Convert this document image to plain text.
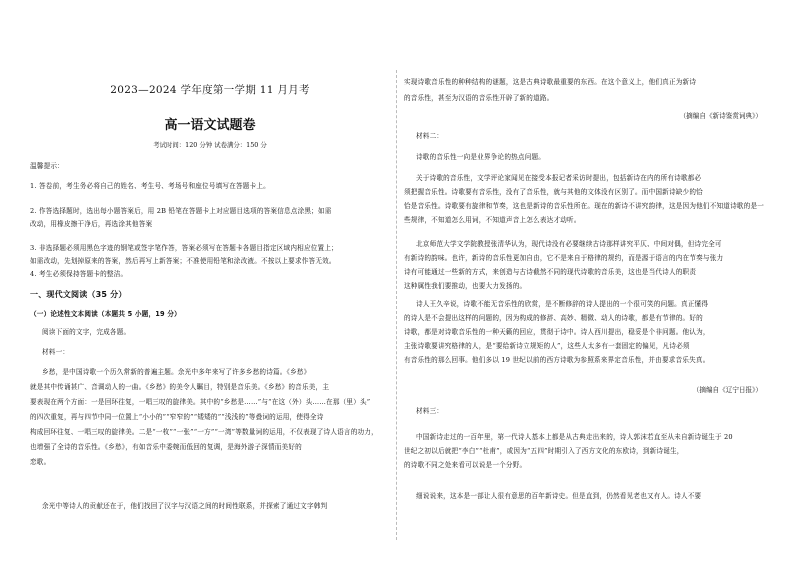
2023—2024 学年度第一学期 11 月月考
高一语文试题卷
考试时间：120 分钟 试卷满分：150 分

温馨提示：

1. 答卷前，考生务必将自己的姓名、考生号、考场号和座位号填写在答题卡上。

2. 作答选择题时，选出每小题答案后，用 2B 铅笔在答题卡上对应题目选项的答案信息点涂黑；如需

改动，用橡皮擦干净后，再选涂其他答案

3. 非选择题必须用黑色字迹的钢笔或签字笔作答，答案必须写在答题卡各题目指定区域内相应位置上；

如需改动，先划掉原来的答案，然后再写上新答案；不准使用铅笔和涂改液。不按以上要求作答无效。

4. 考生必须保持答题卡的整洁。

一、现代文阅读（35 分）

（一）论述性文本阅读（本题共 5 小题，19 分）

阅读下面的文字，完成各题。

材料一：

乡愁，是中国诗歌一个历久常新的普遍主题。余光中多年来写了许多乡愁的诗篇。《乡愁》

就是其中传诵甚广、音调动人的一曲。《乡愁》的美令人瞩目，特别是音乐美。《乡愁》的音乐美，主

要表现在两个方面：一是回环往复，一唱三叹的旋律美。其中的“乡愁是……”与“在这（外）头……在那（里）头”

的四次重复，再与四节中同一位置上“小小的”“窄窄的”“矮矮的”“浅浅的”等叠词的运用，使得全诗

构成回环往复、一唱三叹的旋律美。二是“一枚”“一张”“一方”“一湾”等数量词的运用，不仅表现了诗人语言的功力，

也增强了全诗的音乐性。《乡愁》，有如音乐中委婉而低回的复调，是海外游子深情而美好的

恋歌。

余光中等诗人的贡献还在于，他们找回了汉字与汉语之间的时间性联系，并探索了通过文字韩判

实现诗歌音乐性的种种结构的谜题，这是古典诗歌最重要的东西。在这个意义上，他们真正为新诗

的音乐性，甚至为汉语的音乐性开辟了新的道路。

（摘编自《新诗鉴赏词典》）

材料二：

诗歌的音乐性一向是业界争论的热点问题。

关于诗歌的音乐性，文学评论家闻见在接受本报记者采访时提出，包括新诗在内的所有诗歌都必

须把握音乐性。诗歌要有音乐性，没有了音乐性，就与其他的文体没有区别了。而中国新诗缺少的恰

恰是音乐性。诗歌要有旋律和节奏，这也是新诗的音乐性所在。现在的新诗不讲究韵律，这是因为他们不知道诗歌的是一

些规律，不知道怎么用词，不知道声音上怎么表达才动听。

北京师范大学文学院教授张清华认为，现代诗没有必要继续古诗那样讲究平仄、中间对偶，但诗完全可

有新诗的韵味。也许，新诗的音乐性更加自由，它不是来自于格律的规约，而是源于语言的内在节奏与张力

诗有可能通过一些新的方式，来创造与古诗截然不同的现代诗歌的音乐美，这也是当代诗人的职责

这种属性我们要推动，也要大力发扬的。

诗人王久辛说，诗歌不能无音乐性的欣赏，是不断修辞的诗人提出的一个很可笑的问题。真正懂得

的诗人是不会提出这样的问题的，因为构成的修辞、高妙、精微、动人的诗歌，都是有节律的。好的

诗歌，都是对诗歌音乐性的一种天籁的回应，贯彻于诗中。诗人西川提出，稳妥是个非问题。他认为，

主张诗歌要讲究格律的人，是“要给新诗立规矩的人”，这些人太多有一套固定的偏见，凡诗必须

有音乐性的那么回事。他们多以 19 世纪以前的西方诗歌为参照系来界定音乐性，并由要求音乐失真。

（摘编自《辽宁日报》）

材料三：

中国新诗走过的一百年里，第一代诗人基本上都是从古典走出来的，诗人郭沫若直至从未自新诗诞生于 20

世纪之初以后就把“李白”“杜甫”，或因为“五四”时期引入了西方文化的东欧诗，到新诗诞生，

的诗歌不同之处来看可以说是一个分野。

细说说来，这本是一部让人很有意思的百年新诗史。但是直到，仍然看见老也又有人。诗人不要
